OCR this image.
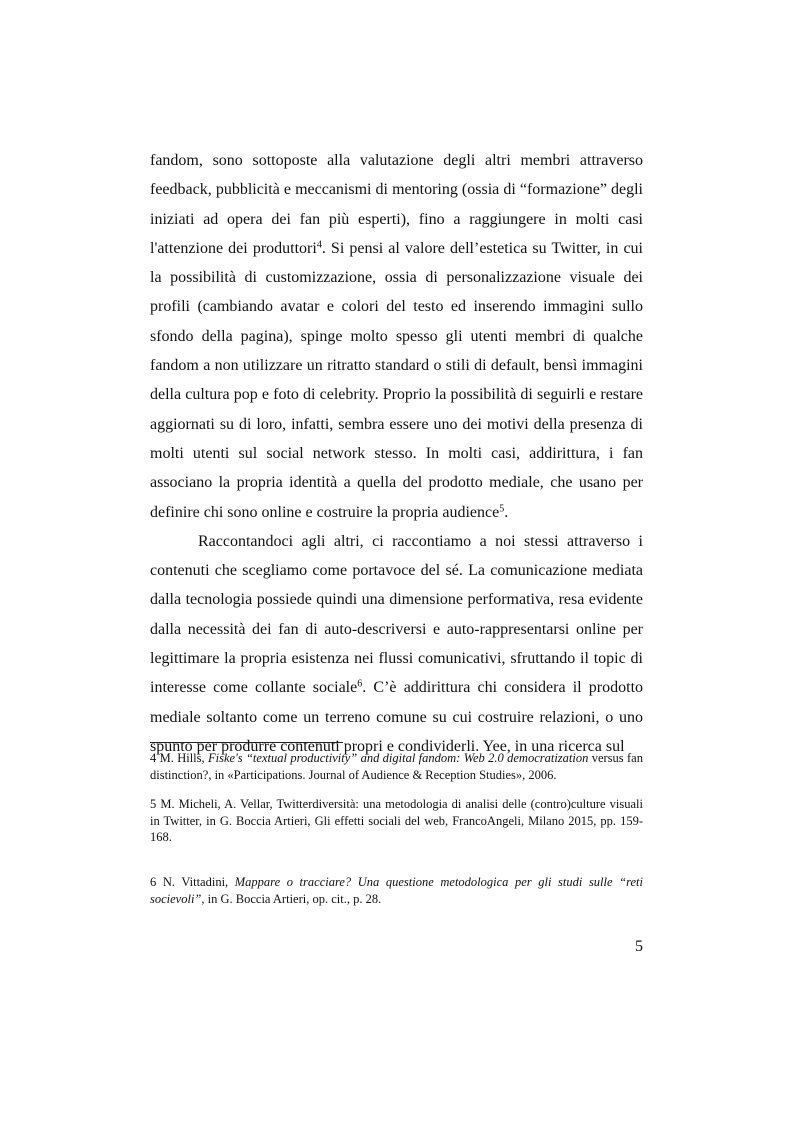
fandom, sono sottoposte alla valutazione degli altri membri attraverso feedback, pubblicità e meccanismi di mentoring (ossia di “formazione” degli iniziati ad opera dei fan più esperti), fino a raggiungere in molti casi l'attenzione dei produttori$^4$. Si pensi al valore dell’estetica su Twitter, in cui la possibilità di customizzazione, ossia di personalizzazione visuale dei profili (cambiando avatar e colori del testo ed inserendo immagini sullo sfondo della pagina), spinge molto spesso gli utenti membri di qualche fandom a non utilizzare un ritratto standard o stili di default, bensì immagini della cultura pop e foto di celebrity. Proprio la possibilità di seguirli e restare aggiornati su di loro, infatti, sembra essere uno dei motivi della presenza di molti utenti sul social network stesso. In molti casi, addirittura, i fan associano la propria identità a quella del prodotto mediale, che usano per definire chi sono online e costruire la propria audience$^5$.

Raccontandoci agli altri, ci raccontiamo a noi stessi attraverso i contenuti che scegliamo come portavoce del sé. La comunicazione mediata dalla tecnologia possiede quindi una dimensione performativa, resa evidente dalla necessità dei fan di auto-descriversi e auto-rappresentarsi online per legittimare la propria esistenza nei flussi comunicativi, sfruttando il topic di interesse come collante sociale$^6$. C’è addirittura chi considera il prodotto mediale soltanto come un terreno comune su cui costruire relazioni, o uno spunto per produrre contenuti propri e condividerli. Yee, in una ricerca sul

4 M. Hills, Fiske's “textual productivity” and digital fandom: Web 2.0 democratization versus fan distinction?, in «Participations. Journal of Audience & Reception Studies», 2006.

5 M. Micheli, A. Vellar, Twitterdiversità: una metodologia di analisi delle (contro)culture visuali in Twitter, in G. Boccia Artieri, Gli effetti sociali del web, FrancoAngeli, Milano 2015, pp. 159-168.

6 N. Vittadini, Mappare o tracciare? Una questione metodologica per gli studi sulle “reti socievoli”, in G. Boccia Artieri, op. cit., p. 28.

5
